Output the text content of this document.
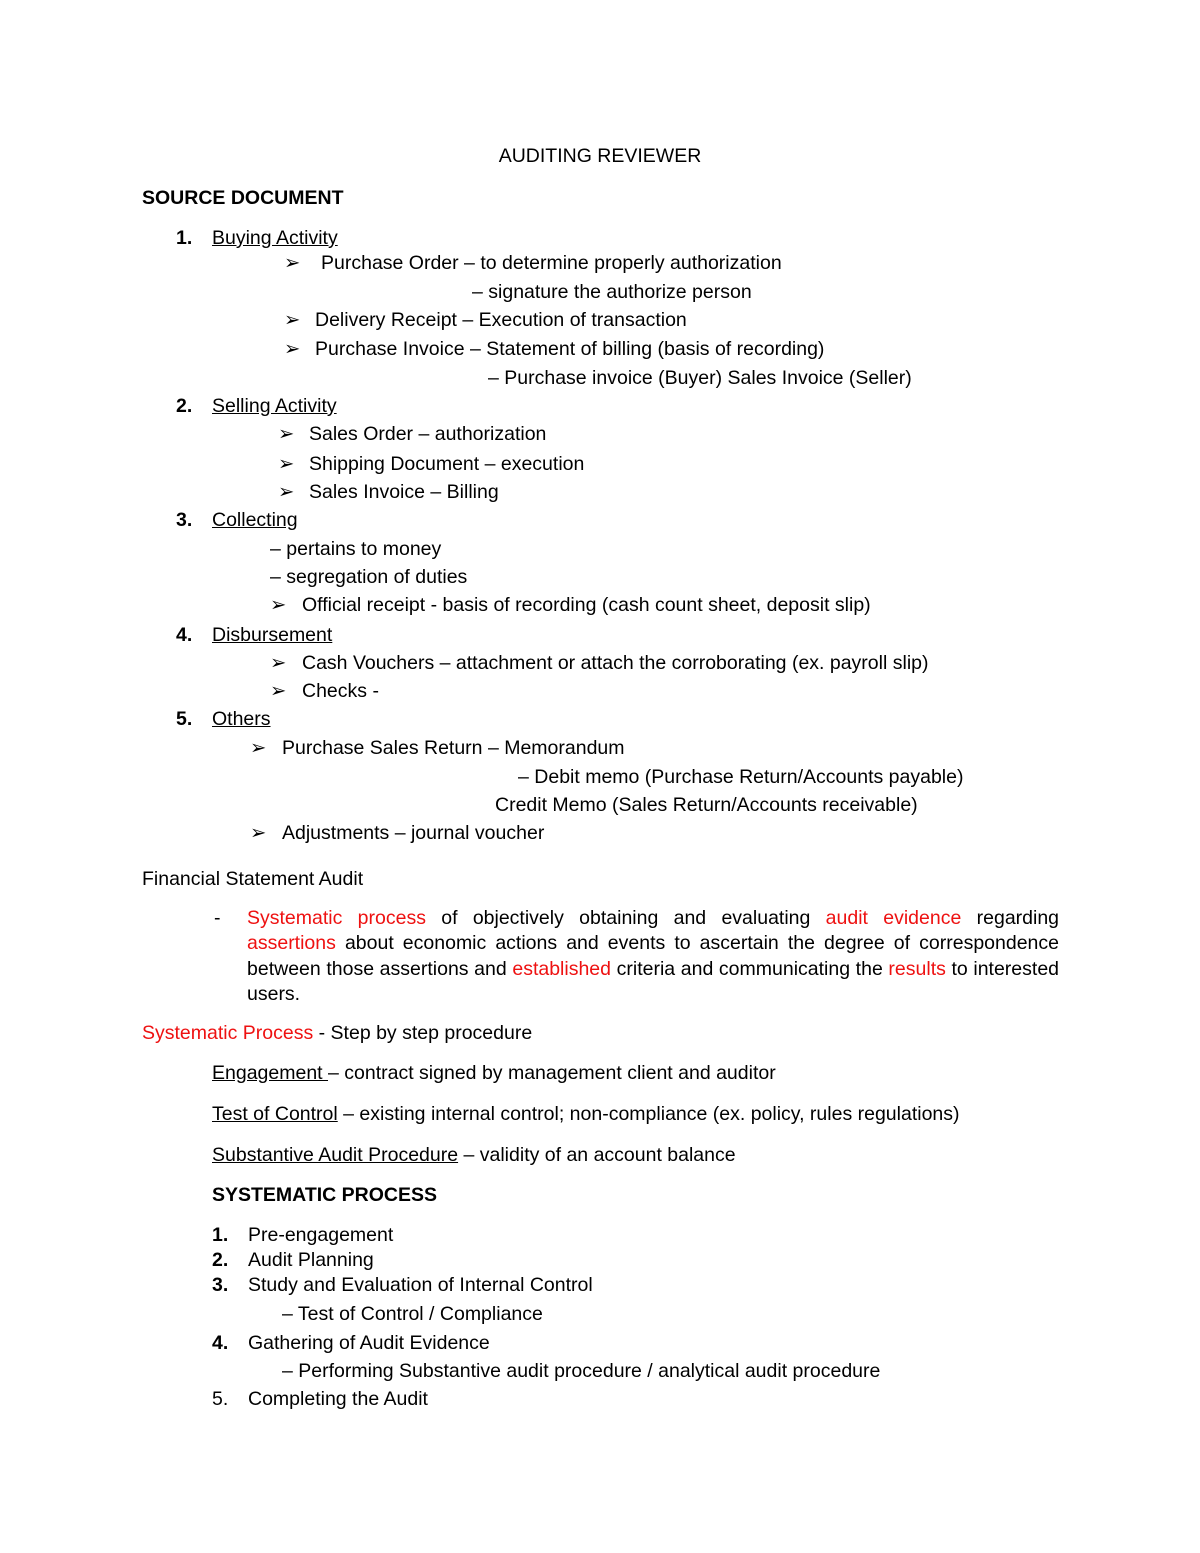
AUDITING REVIEWER
SOURCE DOCUMENT
1. Buying Activity
➢ Purchase Order – to determine properly authorization
– signature the authorize person
➢ Delivery Receipt – Execution of transaction
➢ Purchase Invoice – Statement of billing (basis of recording)
– Purchase invoice (Buyer) Sales Invoice (Seller)
2. Selling Activity
➢ Sales Order – authorization
➢ Shipping Document – execution
➢ Sales Invoice – Billing
3. Collecting
– pertains to money
– segregation of duties
➢ Official receipt - basis of recording (cash count sheet, deposit slip)
4. Disbursement
➢ Cash Vouchers – attachment or attach the corroborating (ex. payroll slip)
➢ Checks -
5. Others
➢ Purchase Sales Return – Memorandum
– Debit memo (Purchase Return/Accounts payable)
Credit Memo (Sales Return/Accounts receivable)
➢ Adjustments – journal voucher
Financial Statement Audit
- Systematic process of objectively obtaining and evaluating audit evidence regarding assertions about economic actions and events to ascertain the degree of correspondence between those assertions and established criteria and communicating the results to interested users.
Systematic Process - Step by step procedure
Engagement – contract signed by management client and auditor
Test of Control – existing internal control; non-compliance (ex. policy, rules regulations)
Substantive Audit Procedure – validity of an account balance
SYSTEMATIC PROCESS
1. Pre-engagement
2. Audit Planning
3. Study and Evaluation of Internal Control
– Test of Control / Compliance
4. Gathering of Audit Evidence
– Performing Substantive audit procedure / analytical audit procedure
5. Completing the Audit
